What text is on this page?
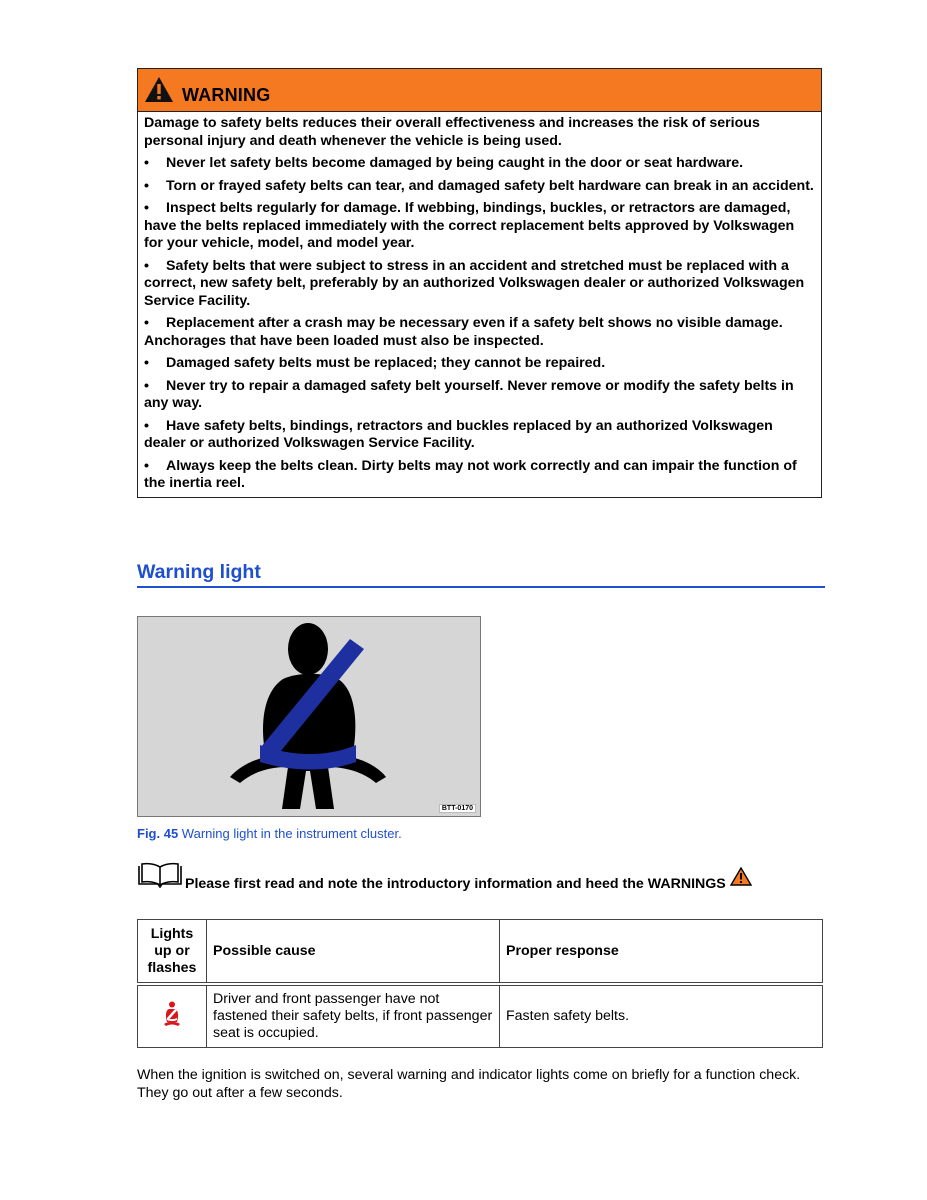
WARNING

Damage to safety belts reduces their overall effectiveness and increases the risk of serious personal injury and death whenever the vehicle is being used.

• Never let safety belts become damaged by being caught in the door or seat hardware.

• Torn or frayed safety belts can tear, and damaged safety belt hardware can break in an accident.

• Inspect belts regularly for damage. If webbing, bindings, buckles, or retractors are damaged, have the belts replaced immediately with the correct replacement belts approved by Volkswagen for your vehicle, model, and model year.

• Safety belts that were subject to stress in an accident and stretched must be replaced with a correct, new safety belt, preferably by an authorized Volkswagen dealer or authorized Volkswagen Service Facility.

• Replacement after a crash may be necessary even if a safety belt shows no visible damage. Anchorages that have been loaded must also be inspected.

• Damaged safety belts must be replaced; they cannot be repaired.

• Never try to repair a damaged safety belt yourself. Never remove or modify the safety belts in any way.

• Have safety belts, bindings, retractors and buckles replaced by an authorized Volkswagen dealer or authorized Volkswagen Service Facility.

• Always keep the belts clean. Dirty belts may not work correctly and can impair the function of the inertia reel.

Warning light
BTT-0170
Fig. 45 Warning light in the instrument cluster.
Please first read and note the introductory information and heed the WARNINGS
Lights up or flashes	Possible cause	Proper response
	Driver and front passenger have not fastened their safety belts, if front passenger seat is occupied.	Fasten safety belts.
When the ignition is switched on, several warning and indicator lights come on briefly for a function check. They go out after a few seconds.
